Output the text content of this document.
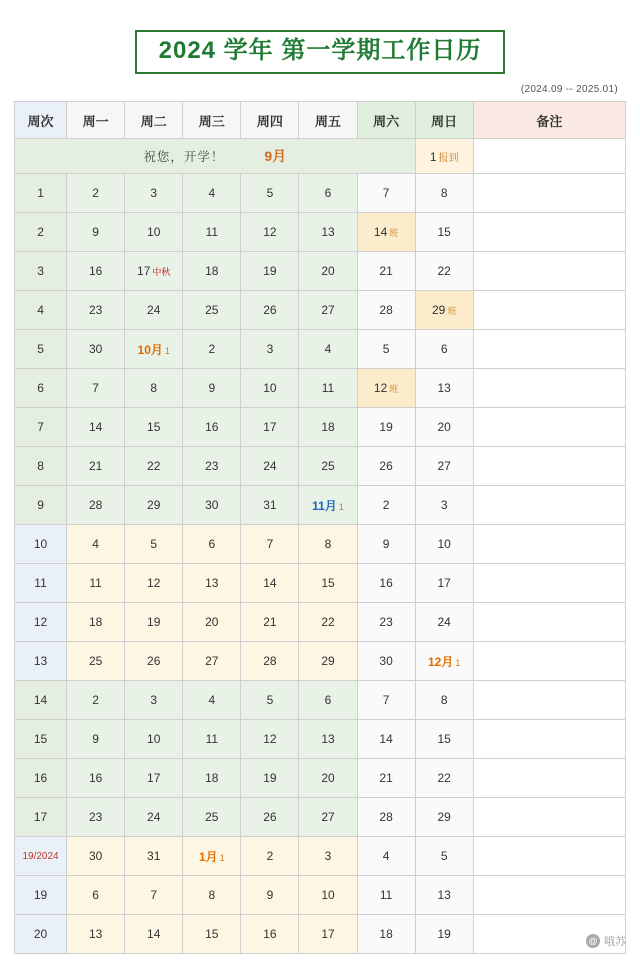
2024 学年 第一学期工作日历
(2024.09 -- 2025.01)
周次	周一	周二	周三	周四	周五	周六	周日	备注

祝您，开学！ 9月							1 报到	
1	2	3	4	5	6	7	8	
2	9	10	11	12	13	14 班	15	
3	16	17 中秋	18	19	20	21	22	
4	23	24	25	26	27	28	29 班	
5	30	10月 1	2	3	4	5	6	
6	7	8	9	10	11	12 班	13	
7	14	15	16	17	18	19	20	
8	21	22	23	24	25	26	27	
9	28	29	30	31	11月 1	2	3	
10	4	5	6	7	8	9	10	
11	11	12	13	14	15	16	17	
12	18	19	20	21	22	23	24	
13	25	26	27	28	29	30	12月 1	
14	2	3	4	5	6	7	8	
15	9	10	11	12	13	14	15	
16	16	17	18	19	20	21	22	
17	23	24	25	26	27	28	29	
19/2024	30	31	1月 1	2	3	4	5	
19	6	7	8	9	10	11	13	
20	13	14	15	16	17	18	19		@ 哦苏
